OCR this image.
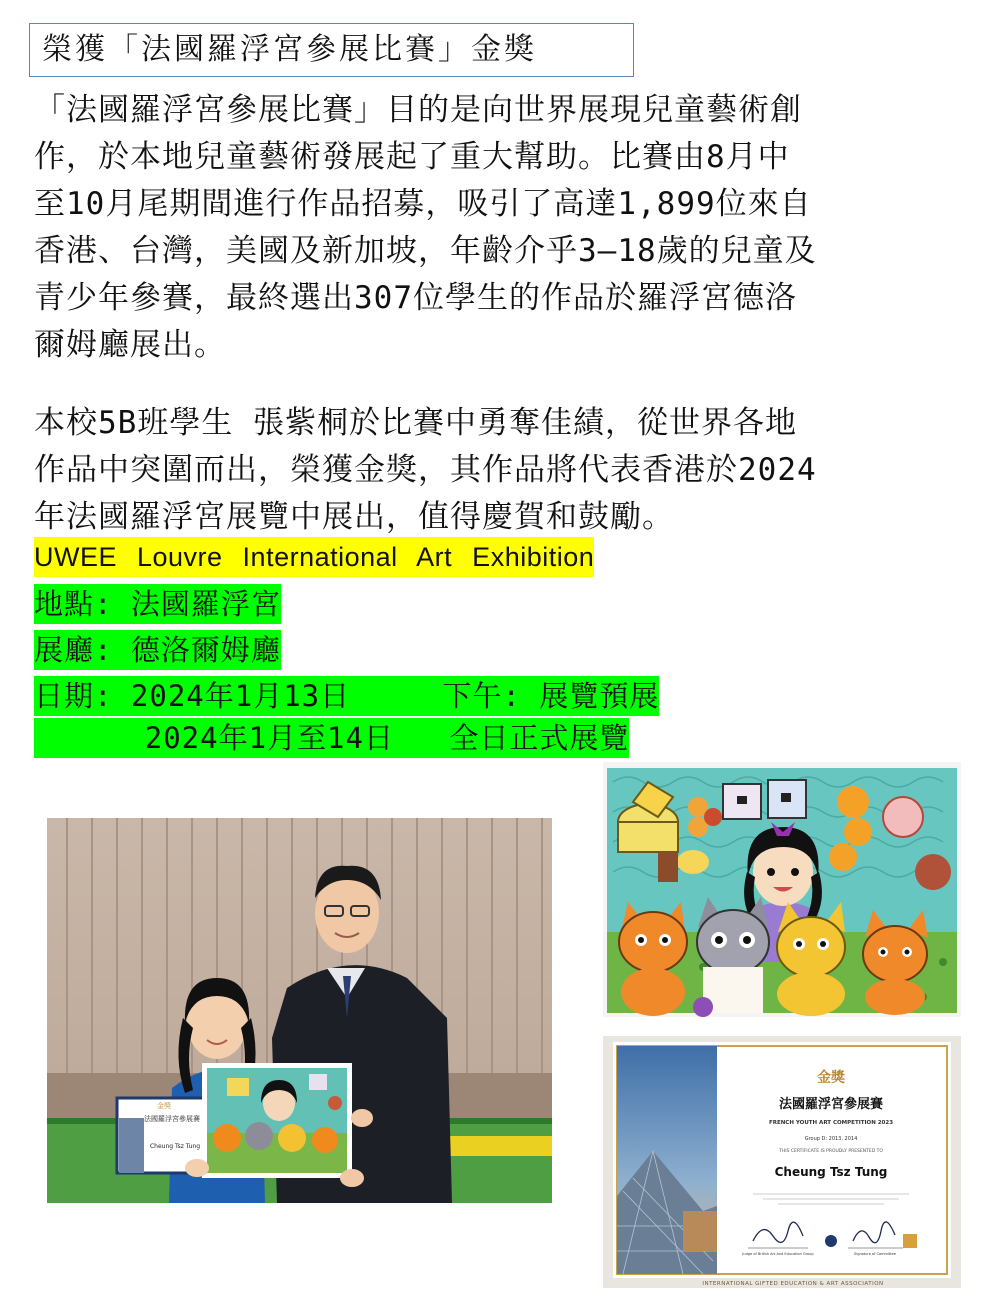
榮獲「法國羅浮宮參展比賽」金獎
「法國羅浮宮參展比賽」目的是向世界展現兒童藝術創
作，於本地兒童藝術發展起了重大幫助。比賽由8月中
至10月尾期間進行作品招募，吸引了高達1,899位來自
香港、台灣，美國及新加坡，年齡介乎3—18歲的兒童及
青少年參賽，最終選出307位學生的作品於羅浮宮德洛
爾姆廳展出。
本校5B班學生 張紫桐於比賽中勇奪佳績，從世界各地
作品中突圍而出，榮獲金獎，其作品將代表香港於2024
年法國羅浮宮展覽中展出，值得慶賀和鼓勵。
UWEE Louvre International Art Exhibition
地點: 法國羅浮宮
展廳: 德洛爾姆廳
日期: 2024年1月13日     下午: 展覽預展
2024年1月至14日   全日正式展覽
金獎
法國羅浮宮參展賽
Cheung Tsz Tung
金獎
法國羅浮宮參展賽
FRENCH YOUTH ART COMPETITION 2023
Group D: 2013, 2014
THIS CERTIFICATE IS PROUDLY PRESENTED TO
Cheung Tsz Tung
Judge of British Art And Education Group	Signature of Committee
INTERNATIONAL GIFTED EDUCATION & ART ASSOCIATION
